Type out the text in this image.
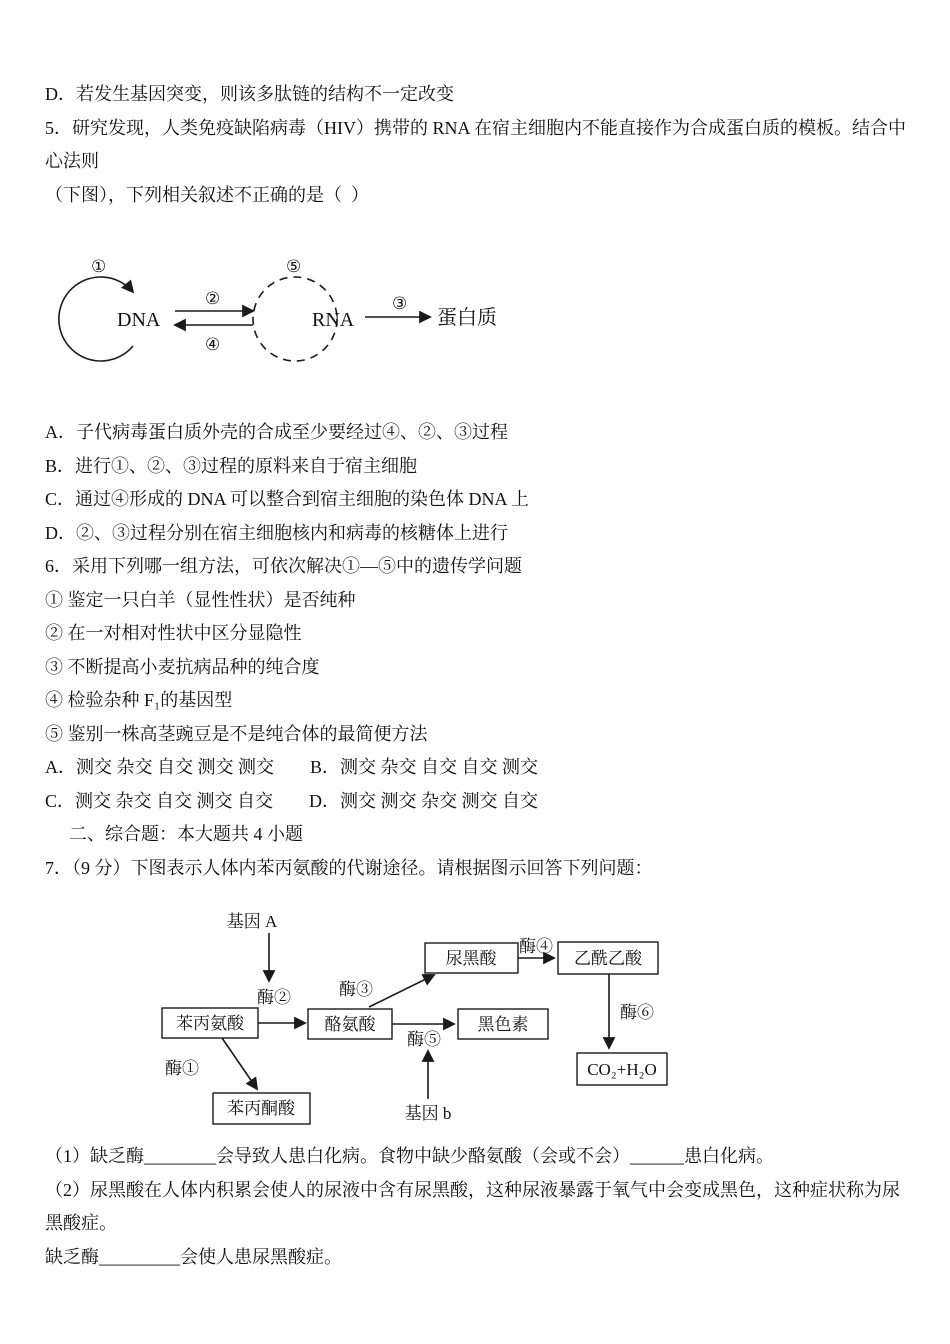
D．若发生基因突变，则该多肽链的结构不一定改变

5．研究发现，人类免疫缺陷病毒（HIV）携带的 RNA 在宿主细胞内不能直接作为合成蛋白质的模板。结合中心法则

（下图），下列相关叙述不正确的是（  ）

①
DNA
②
④
⑤
RNA
③
蛋白质

A．子代病毒蛋白质外壳的合成至少要经过④、②、③过程

B．进行①、②、③过程的原料来自于宿主细胞

C．通过④形成的 DNA 可以整合到宿主细胞的染色体 DNA 上

D．②、③过程分别在宿主细胞核内和病毒的核糖体上进行

6．采用下列哪一组方法，可依次解决①—⑤中的遗传学问题

① 鉴定一只白羊（显性性状）是否纯种

② 在一对相对性状中区分显隐性

③ 不断提高小麦抗病品种的纯合度

④ 检验杂种 F₁的基因型

⑤ 鉴别一株高茎豌豆是不是纯合体的最简便方法

A．测交 杂交 自交 测交 测交　　B．测交 杂交 自交 自交 测交

C．测交 杂交 自交 测交 自交　　D．测交 测交 杂交 测交 自交

二、综合题：本大题共 4 小题

7．（9 分）下图表示人体内苯丙氨酸的代谢途径。请根据图示回答下列问题：

基因 A
酶②
苯丙氨酸	酪氨酸
酶③
尿黑酸
酶④
乙酰乙酸
酶⑥
CO₂+H₂O
酶⑤
黑色素
基因 b
酶①
苯丙酮酸

（1）缺乏酶________会导致人患白化病。食物中缺少酪氨酸（会或不会）______患白化病。

（2）尿黑酸在人体内积累会使人的尿液中含有尿黑酸，这种尿液暴露于氧气中会变成黑色，这种症状称为尿黑酸症。

缺乏酶_________会使人患尿黑酸症。
